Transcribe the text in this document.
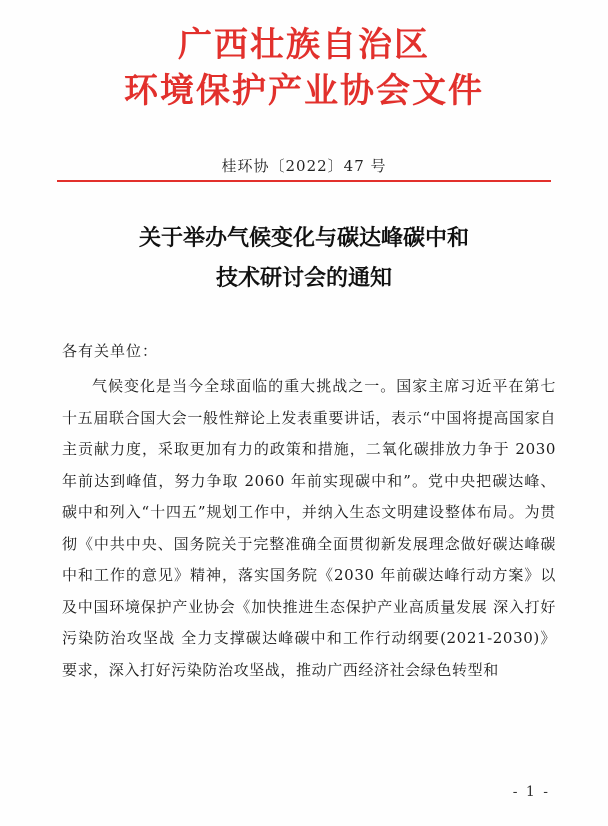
广西壮族自治区
环境保护产业协会文件
桂环协〔2022〕47 号
关于举办气候变化与碳达峰碳中和
技术研讨会的通知
各有关单位：
气候变化是当今全球面临的重大挑战之一。国家主席习近平在第七十五届联合国大会一般性辩论上发表重要讲话，表示“中国将提高国家自主贡献力度，采取更加有力的政策和措施，二氧化碳排放力争于 2030 年前达到峰值，努力争取 2060 年前实现碳中和”。党中央把碳达峰、碳中和列入“十四五”规划工作中，并纳入生态文明建设整体布局。为贯彻《中共中央、国务院关于完整准确全面贯彻新发展理念做好碳达峰碳中和工作的意见》精神，落实国务院《2030 年前碳达峰行动方案》以及中国环境保护产业协会《加快推进生态保护产业高质量发展 深入打好污染防治攻坚战 全力支撑碳达峰碳中和工作行动纲要(2021-2030)》要求，深入打好污染防治攻坚战，推动广西经济社会绿色转型和
- 1 -
